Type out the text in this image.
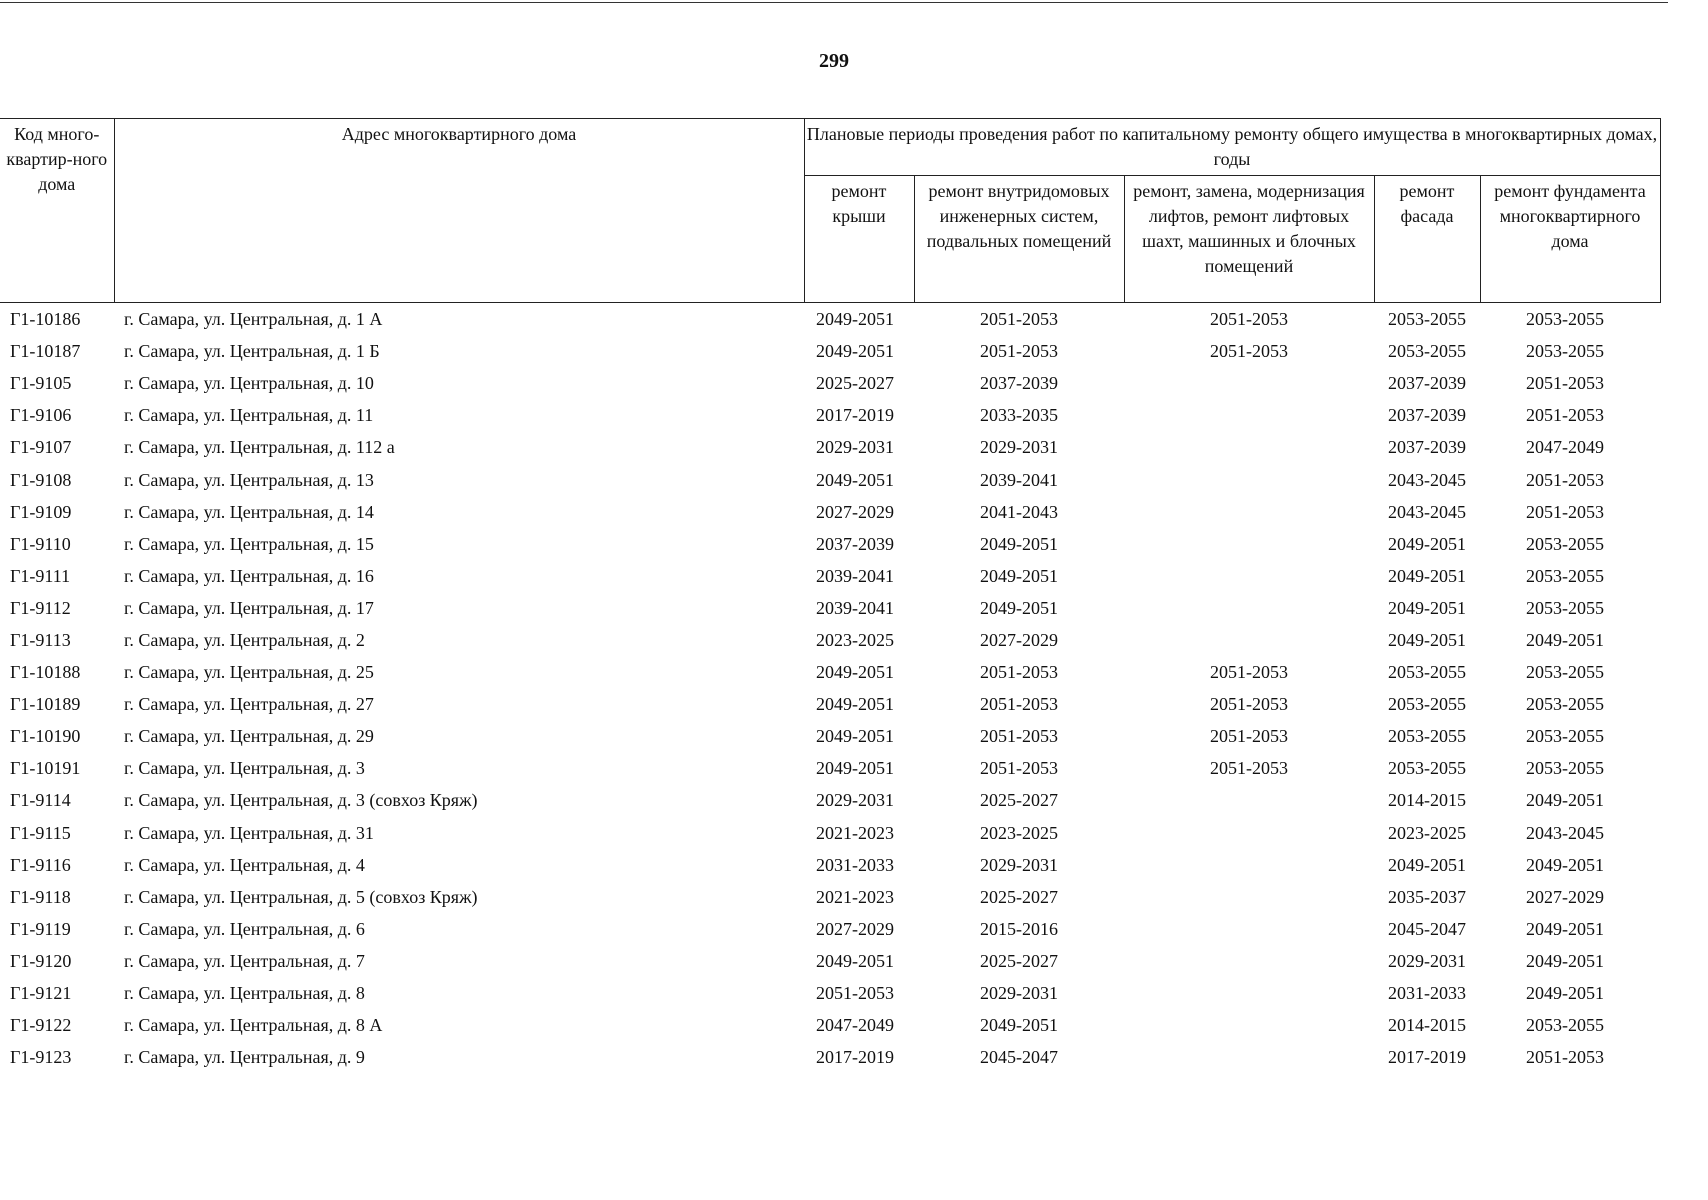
299
Код много-квартир-ного дома	Адрес многоквартирного дома	Плановые периоды проведения работ по капитальному ремонту общего имущества в многоквартирных домах, годы				
		ремонт крыши	ремонт внутридомовых инженерных систем, подвальных помещений	ремонт, замена, модернизация лифтов, ремонт лифтовых шахт, машинных и блочных помещений	ремонт фасада	ремонт фундамента многоквартирного дома
Г1-10186	г. Самара, ул. Центральная, д. 1 А	2049-2051	2051-2053	2051-2053	2053-2055	2053-2055
Г1-10187	г. Самара, ул. Центральная, д. 1 Б	2049-2051	2051-2053	2051-2053	2053-2055	2053-2055
Г1-9105	г. Самара, ул. Центральная, д. 10	2025-2027	2037-2039		2037-2039	2051-2053
Г1-9106	г. Самара, ул. Центральная, д. 11	2017-2019	2033-2035		2037-2039	2051-2053
Г1-9107	г. Самара, ул. Центральная, д. 112 а	2029-2031	2029-2031		2037-2039	2047-2049
Г1-9108	г. Самара, ул. Центральная, д. 13	2049-2051	2039-2041		2043-2045	2051-2053
Г1-9109	г. Самара, ул. Центральная, д. 14	2027-2029	2041-2043		2043-2045	2051-2053
Г1-9110	г. Самара, ул. Центральная, д. 15	2037-2039	2049-2051		2049-2051	2053-2055
Г1-9111	г. Самара, ул. Центральная, д. 16	2039-2041	2049-2051		2049-2051	2053-2055
Г1-9112	г. Самара, ул. Центральная, д. 17	2039-2041	2049-2051		2049-2051	2053-2055
Г1-9113	г. Самара, ул. Центральная, д. 2	2023-2025	2027-2029		2049-2051	2049-2051
Г1-10188	г. Самара, ул. Центральная, д. 25	2049-2051	2051-2053	2051-2053	2053-2055	2053-2055
Г1-10189	г. Самара, ул. Центральная, д. 27	2049-2051	2051-2053	2051-2053	2053-2055	2053-2055
Г1-10190	г. Самара, ул. Центральная, д. 29	2049-2051	2051-2053	2051-2053	2053-2055	2053-2055
Г1-10191	г. Самара, ул. Центральная, д. 3	2049-2051	2051-2053	2051-2053	2053-2055	2053-2055
Г1-9114	г. Самара, ул. Центральная, д. 3 (совхоз Кряж)	2029-2031	2025-2027		2014-2015	2049-2051
Г1-9115	г. Самара, ул. Центральная, д. 31	2021-2023	2023-2025		2023-2025	2043-2045
Г1-9116	г. Самара, ул. Центральная, д. 4	2031-2033	2029-2031		2049-2051	2049-2051
Г1-9118	г. Самара, ул. Центральная, д. 5 (совхоз Кряж)	2021-2023	2025-2027		2035-2037	2027-2029
Г1-9119	г. Самара, ул. Центральная, д. 6	2027-2029	2015-2016		2045-2047	2049-2051
Г1-9120	г. Самара, ул. Центральная, д. 7	2049-2051	2025-2027		2029-2031	2049-2051
Г1-9121	г. Самара, ул. Центральная, д. 8	2051-2053	2029-2031		2031-2033	2049-2051
Г1-9122	г. Самара, ул. Центральная, д. 8 А	2047-2049	2049-2051		2014-2015	2053-2055
Г1-9123	г. Самара, ул. Центральная, д. 9	2017-2019	2045-2047		2017-2019	2051-2053
